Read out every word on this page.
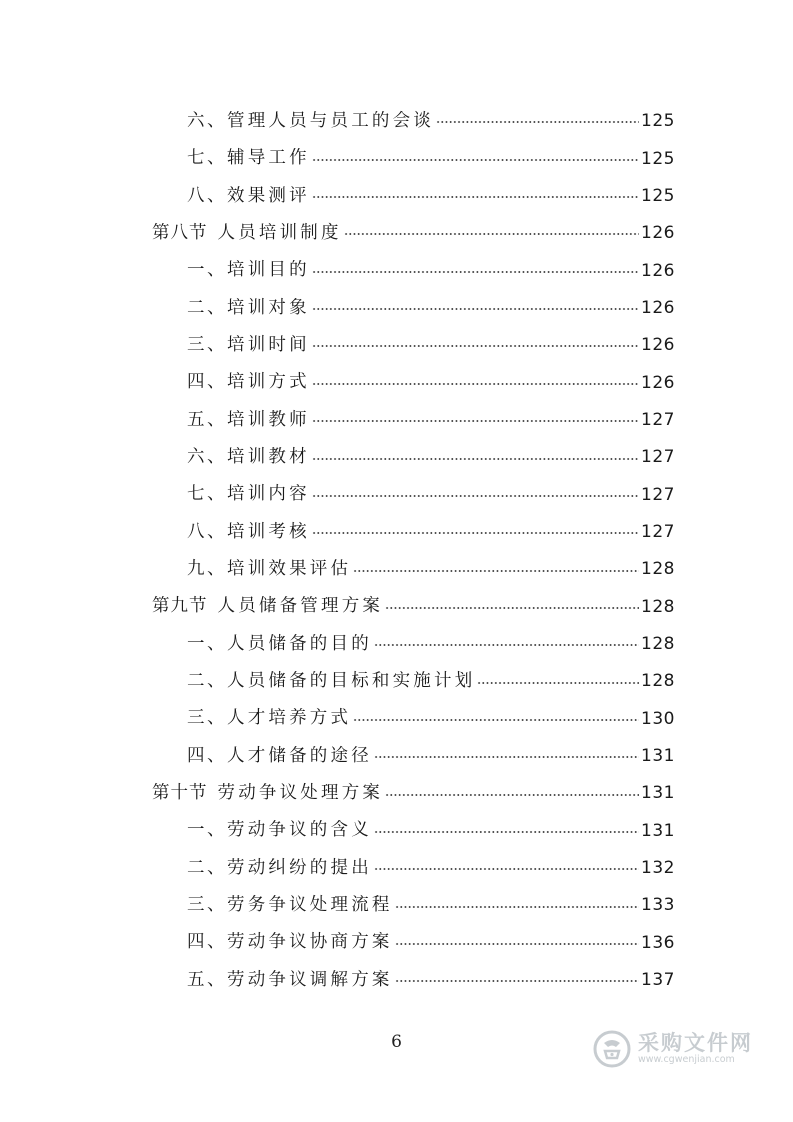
六、 管理人员与员工的会谈	125
七、 辅导工作	125
八、 效果测评	125
第八节 人员培训制度	126
一、 培训目的	126
二、 培训对象	126
三、 培训时间	126
四、 培训方式	126
五、 培训教师	127
六、 培训教材	127
七、 培训内容	127
八、 培训考核	127
九、 培训效果评估	128
第九节 人员储备管理方案	128
一、 人员储备的目的	128
二、 人员储备的目标和实施计划	128
三、 人才培养方式	130
四、 人才储备的途径	131
第十节 劳动争议处理方案	131
一、 劳动争议的含义	131
二、 劳动纠纷的提出	132
三、 劳务争议处理流程	133
四、 劳动争议协商方案	136
五、 劳动争议调解方案	137
6	采购文件网
www.cgwenjian.com
